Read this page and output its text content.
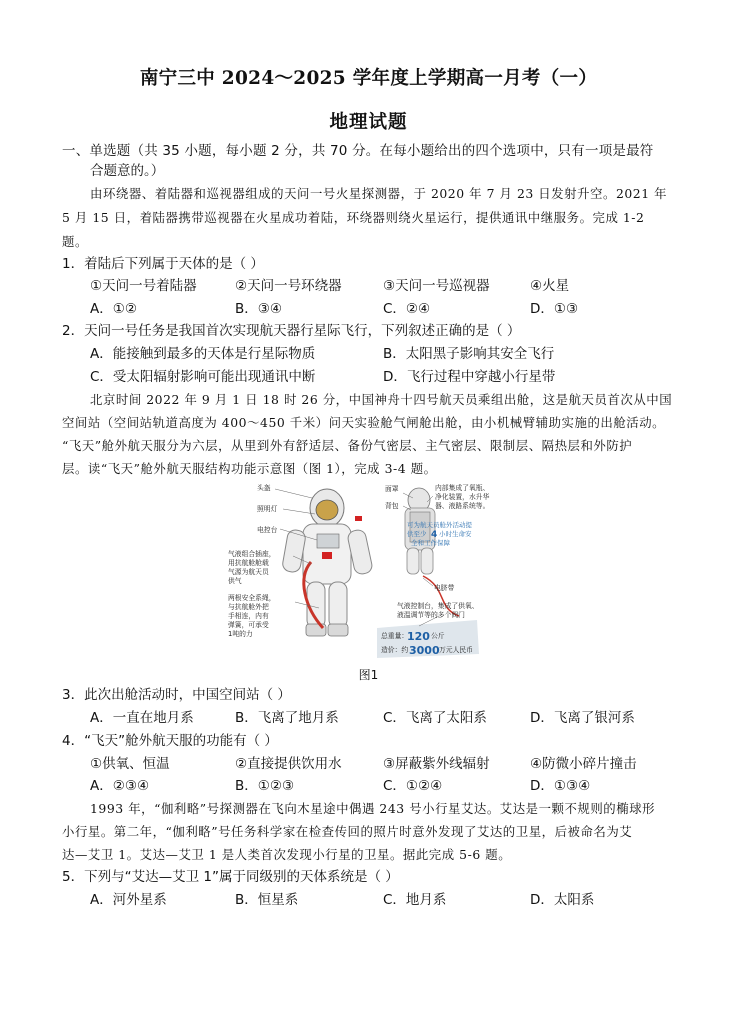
南宁三中 2024～2025 学年度上学期高一月考（一）
地理试题
一、单选题（共 35 小题，每小题 2 分，共 70 分。在每小题给出的四个选项中，只有一项是最符
合题意的。）
由环绕器、着陆器和巡视器组成的天问一号火星探测器，于 2020 年 7 月 23 日发射升空。2021 年
5 月 15 日，着陆器携带巡视器在火星成功着陆，环绕器则绕火星运行，提供通讯中继服务。完成 1-2
题。
1．着陆后下列属于天体的是（ ）
①天问一号着陆器	②天问一号环绕器	③天问一号巡视器	④火星
A．①②	B．③④	C．②④	D．①③
2．天问一号任务是我国首次实现航天器行星际飞行，下列叙述正确的是（ ）
A．能接触到最多的天体是行星际物质	B．太阳黑子影响其安全飞行
C．受太阳辐射影响可能出现通讯中断	D．飞行过程中穿越小行星带
北京时间 2022 年 9 月 1 日 18 时 26 分，中国神舟十四号航天员乘组出舱，这是航天员首次从中国
空间站（空间站轨道高度为 400～450 千米）问天实验舱气闸舱出舱，由小机械臂辅助实施的出舱活动。
“飞天”舱外航天服分为六层，从里到外有舒适层、备份气密层、主气密层、限制层、隔热层和外防护
层。读“飞天”舱外航天服结构功能示意图（图 1），完成 3-4 题。
头盔
照明灯
电控台
气液组合插座，
用抗航舱舱载
气源为航天员
供气
两根安全系绳，
与抗航舱外把
手相连，内有
弹簧，可承受
1吨的力
面罩
背包
内部集成了氧瓶、
净化装置，水升华
器、液路系统等。
可为航天员舱外活动提
供至少 4 小时生命安
全和工作保障
电脐带
气液控制台，集成了供氧、
液温调节等的多个阀门
总重量：
120 公斤
造价：约 3000 万元人民币
图1
3．此次出舱活动时，中国空间站（ ）
A．一直在地月系	B．飞离了地月系	C．飞离了太阳系	D．飞离了银河系
4．“飞天”舱外航天服的功能有（ ）
①供氧、恒温	②直接提供饮用水	③屏蔽紫外线辐射	④防微小碎片撞击
A．②③④	B．①②③	C．①②④	D．①③④
1993 年，“伽利略”号探测器在飞向木星途中偶遇 243 号小行星艾达。艾达是一颗不规则的椭球形
小行星。第二年，“伽利略”号任务科学家在检查传回的照片时意外发现了艾达的卫星，后被命名为艾
达—艾卫 1。艾达—艾卫 1 是人类首次发现小行星的卫星。据此完成 5-6 题。
5．下列与“艾达—艾卫 1”属于同级别的天体系统是（ ）
A．河外星系	B．恒星系	C．地月系	D．太阳系
